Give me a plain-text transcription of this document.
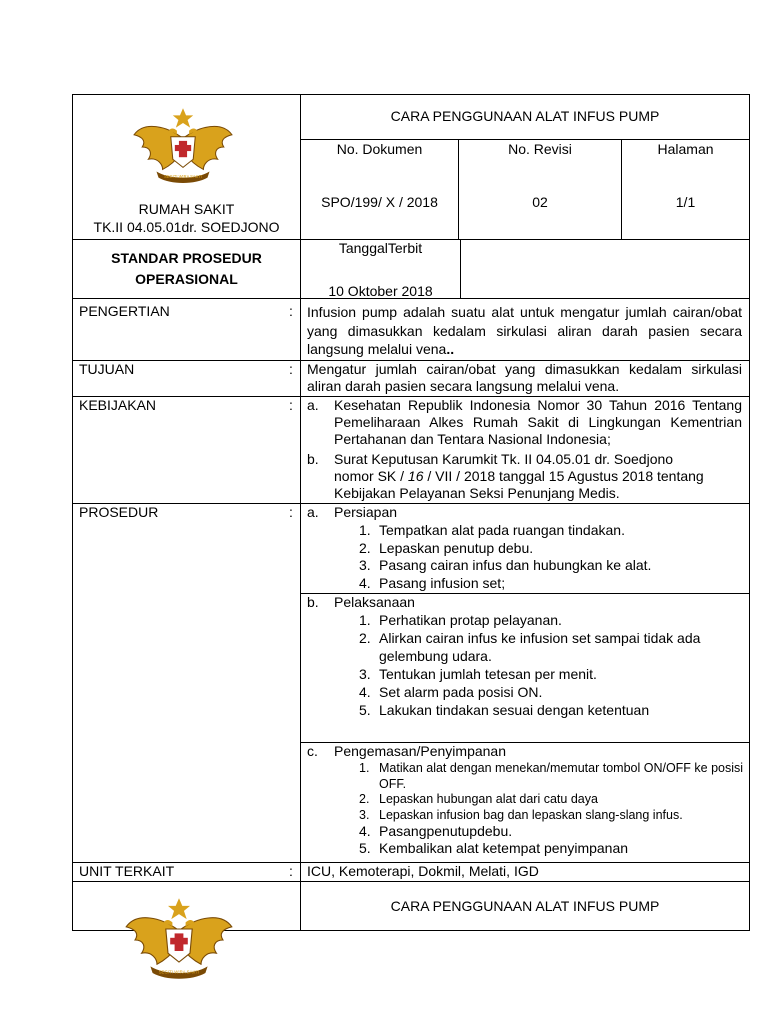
SEGITI WIRA SAKTI
RUMAH SAKIT
TK.II 04.05.01dr. SOEDJONO
CARA PENGGUNAAN ALAT INFUS PUMP
No. Dokumen	No. Revisi	Halaman
SPO/199/ X / 2018	02	1/1
STANDAR PROSEDUR
OPERASIONAL
TanggalTerbit
10 Oktober 2018
PENGERTIAN	: Infusion pump adalah suatu alat untuk mengatur jumlah cairan/obat yang dimasukkan kedalam sirkulasi aliran darah pasien secara langsung melalui vena..
TUJUAN	: Mengatur jumlah cairan/obat yang dimasukkan kedalam sirkulasi aliran darah pasien secara langsung melalui vena.
KEBIJAKAN	: a. Kesehatan Republik Indonesia Nomor 30 Tahun 2016 Tentang Pemeliharaan Alkes Rumah Sakit di Lingkungan Kementrian Pertahanan dan Tentara Nasional Indonesia;
b. Surat Keputusan Karumkit Tk. II 04.05.01 dr. Soedjono
nomor SK / 16 / VII / 2018 tanggal 15 Agustus 2018 tentang
Kebijakan Pelayanan Seksi Penunjang Medis.
PROSEDUR	: a. Persiapan
1. Tempatkan alat pada ruangan tindakan.
2. Lepaskan penutup debu.
3. Pasang cairan infus dan hubungkan ke alat.
4. Pasang infusion set;
b. Pelaksanaan
1. Perhatikan protap pelayanan.
2. Alirkan cairan infus ke infusion set sampai tidak ada gelembung udara.
3. Tentukan jumlah tetesan per menit.
4. Set alarm pada posisi ON.
5. Lakukan tindakan sesuai dengan ketentuan
c. Pengemasan/Penyimpanan
1. Matikan alat dengan menekan/memutar tombol ON/OFF ke posisi OFF.
2. Lepaskan hubungan alat dari catu daya
3. Lepaskan infusion bag dan lepaskan slang-slang infus.
4. Pasangpenutupdebu.
5. Kembalikan alat ketempat penyimpanan
UNIT TERKAIT	: ICU, Kemoterapi, Dokmil, Melati, IGD
CARA PENGGUNAAN ALAT INFUS PUMP
SEGITI WIRA SAKTI
